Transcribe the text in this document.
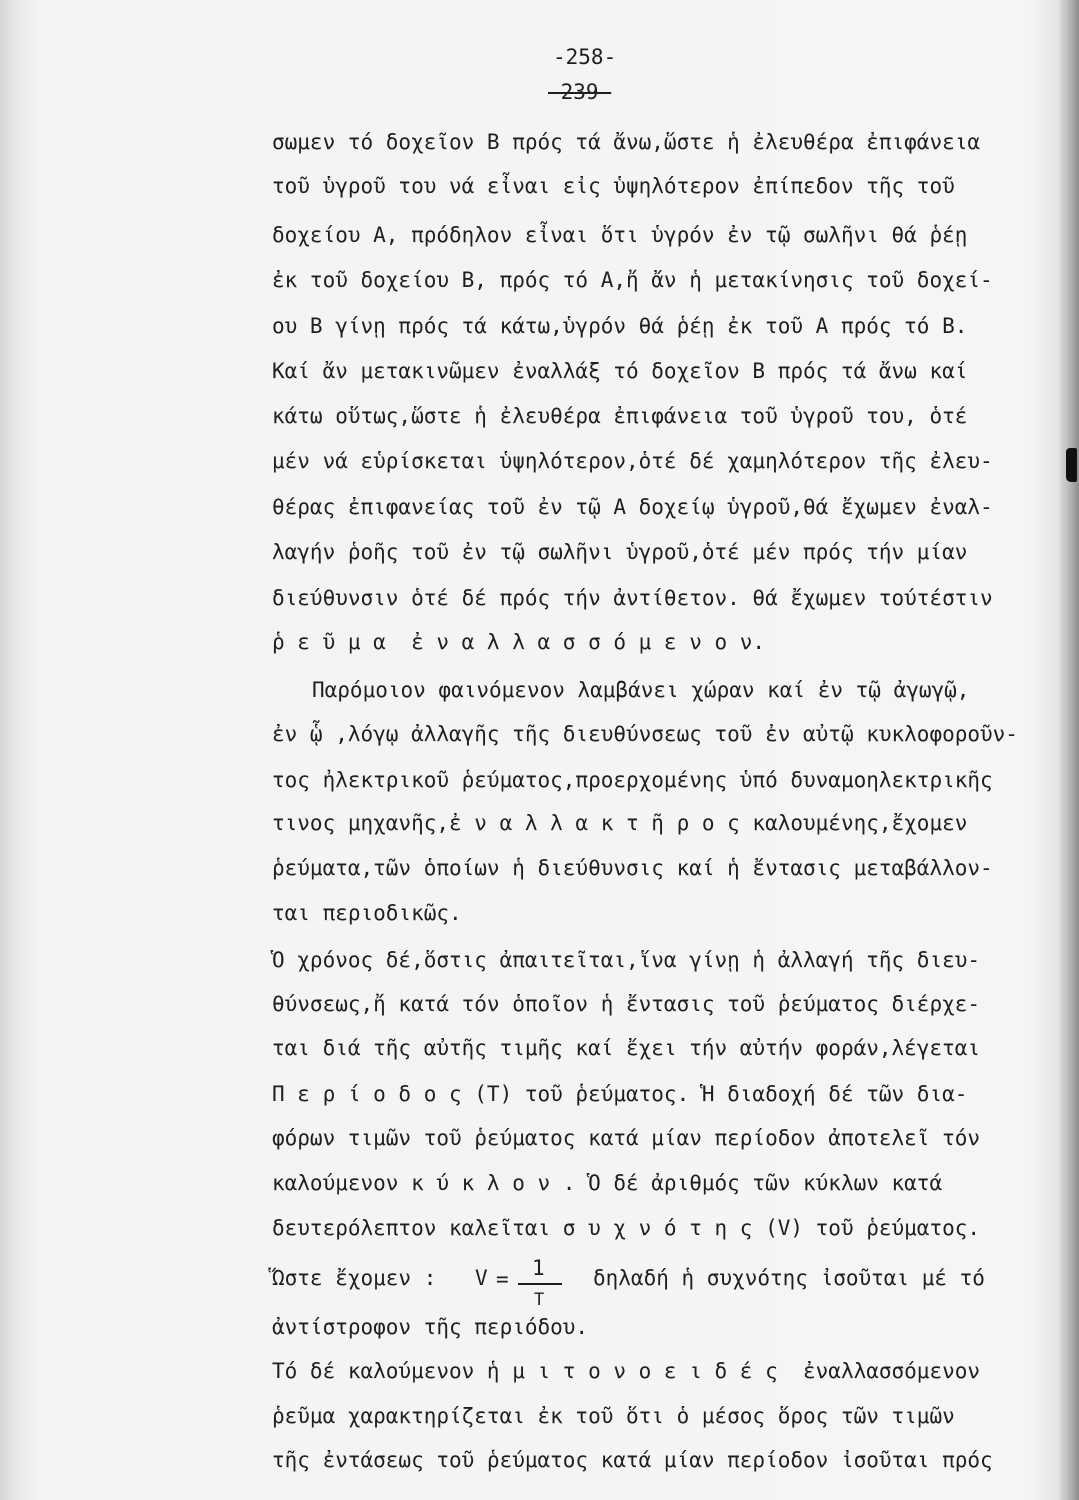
-258-
-239-
σωμεν τό δοχεῖον Β πρός τά ἄνω,ὥστε ἡ ἐλευθέρα ἐπιφάνεια
τοῦ ὑγροῦ του νά εἶναι εἰς ὑψηλότερον ἐπίπεδον τῆς τοῦ
δοχείου Α, πρόδηλον εἶναι ὅτι ὑγρόν ἐν τῷ σωλῆνι θά ῥέῃ
ἐκ τοῦ δοχείου Β, πρός τό Α,ἤ ἄν ἡ μετακίνησις τοῦ δοχεί-
ου Β γίνῃ πρός τά κάτω,ὑγρόν θά ῥέῃ ἐκ τοῦ Α πρός τό Β.
Καί ἄν μετακινῶμεν ἐναλλάξ τό δοχεῖον Β πρός τά ἄνω καί
κάτω οὕτως,ὥστε ἡ ἐλευθέρα ἐπιφάνεια τοῦ ὑγροῦ του, ὁτέ
μέν νά εὑρίσκεται ὑψηλότερον,ὁτέ δέ χαμηλότερον τῆς ἐλευ-
θέρας ἐπιφανείας τοῦ ἐν τῷ Α δοχείῳ ὑγροῦ,θά ἔχωμεν ἐναλ-
λαγήν ῥοῆς τοῦ ἐν τῷ σωλῆνι ὑγροῦ,ὁτέ μέν πρός τήν μίαν
διεύθυνσιν ὁτέ δέ πρός τήν ἀντίθετον. θά ἔχωμεν τούτέστιν
ῥ ε ῦ μ α  ἐ ν α λ λ α σ σ ό μ ε ν ο ν.
Παρόμοιον φαινόμενον λαμβάνει χώραν καί ἐν τῷ ἀγωγῷ,
ἐν ᾧ ,λόγῳ ἀλλαγῆς τῆς διευθύνσεως τοῦ ἐν αὐτῷ κυκλοφοροῦν-
τος ἠλεκτρικοῦ ῥεύματος,προερχομένης ὑπό δυναμοηλεκτρικῆς
τινος μηχανῆς,ἐ ν α λ λ α κ τ ῆ ρ ο ς καλουμένης,ἔχομεν
ῥεύματα,τῶν ὁποίων ἡ διεύθυνσις καί ἡ ἔντασις μεταβάλλον-
ται περιοδικῶς.
Ὁ χρόνος δέ,ὅστις ἀπαιτεῖται,ἵνα γίνῃ ἡ ἀλλαγή τῆς διευ-
θύνσεως,ἤ κατά τόν ὁποῖον ἡ ἔντασις τοῦ ῥεύματος διέρχε-
ται διά τῆς αὐτῆς τιμῆς καί ἔχει τήν αὐτήν φοράν,λέγεται
Π ε ρ ί ο δ ο ς (Τ) τοῦ ῥεύματος. Ἡ διαδοχή δέ τῶν δια-
φόρων τιμῶν τοῦ ῥεύματος κατά μίαν περίοδον ἀποτελεῖ τόν
καλούμενον κ ύ κ λ ο ν . Ὁ δέ ἀριθμός τῶν κύκλων κατά
δευτερόλεπτον καλεῖται σ υ χ ν ό τ η ς (V) τοῦ ῥεύματος.
Ὥστε ἔχομεν : V = 1
T
δηλαδή ἡ συχνότης ἰσοῦται μέ τό
ἀντίστροφον τῆς περιόδου.
Τό δέ καλούμενον ἡ μ ι τ ο ν ο ε ι δ έ ς  ἐναλλασσόμενον
ῥεῦμα χαρακτηρίζεται ἐκ τοῦ ὅτι ὁ μέσος ὅρος τῶν τιμῶν
τῆς ἐντάσεως τοῦ ῥεύματος κατά μίαν περίοδον ἰσοῦται πρός
